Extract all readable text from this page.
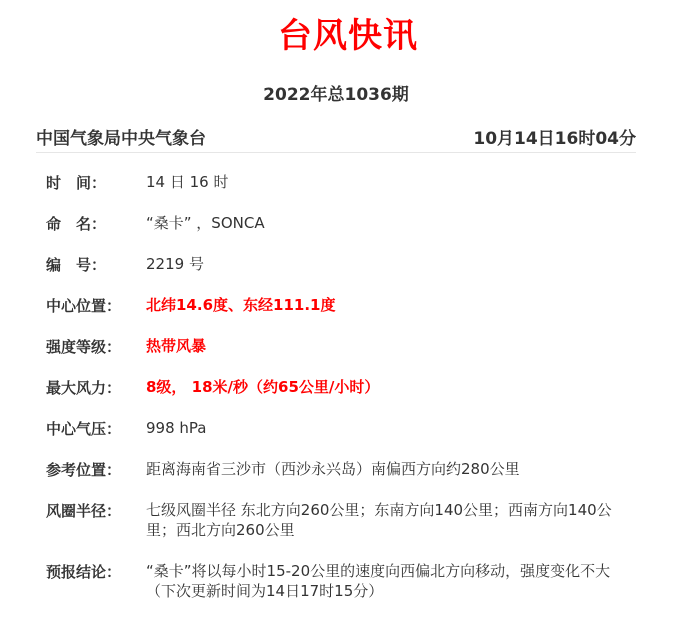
台风快讯
2022年总1036期
中国气象局中央气象台	10月14日16时04分
时　间：	14 日 16 时
命　名：	“桑卡” ，SONCA
编　号：	2219 号
中心位置：	北纬14.6度、东经111.1度
强度等级：	热带风暴
最大风力：	8级， 18米/秒（约65公里/小时）
中心气压：	998 hPa
参考位置：	距离海南省三沙市（西沙永兴岛）南偏西方向约280公里
风圈半径：	七级风圈半径 东北方向260公里；东南方向140公里；西南方向140公里；西北方向260公里
预报结论：	“桑卡”将以每小时15-20公里的速度向西偏北方向移动，强度变化不大
（下次更新时间为14日17时15分）
